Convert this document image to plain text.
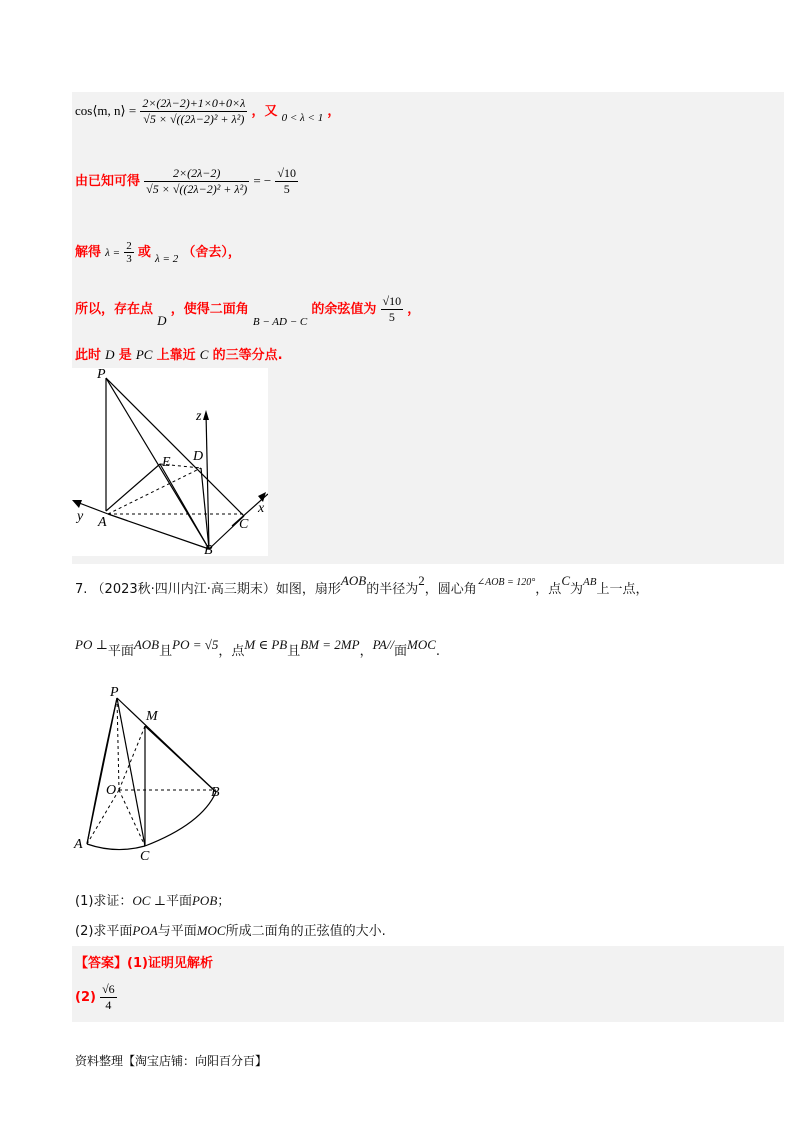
cos⟨m, n⟩ = $\frac{2\times(2\lambda-2)+1\times 0+0\times\lambda}{\text{√5 × √((2λ−2)² + λ²)}}$ ，又 $_{0 < \lambda < 1}$ ，
由已知可得 $\frac{2\times(2\lambda-2)}{\text{√5 × √((2λ−2)² + λ²)}}$ = − $\frac{√10}{5}$
解得 $\lambda = \frac{2}{3}$ 或 $_{\lambda = 2}$ （舍去），
所以，存在点 D ，使得二面角 $_{B - AD - C}$ 的余弦值为 $\frac{√10}{5}$ ，
此时 D 是 PC 上靠近 C 的三等分点.
P
z
E D
y A	C
x
B
7. （2023秋·四川内江·高三期末）如图，扇形AOB的半径为2，圆心角$^{\angle AOB = 120^\circ}$，点C为$^{AB}$上一点，
PO ⊥平面AOB且PO = √5，点M ∈ PB且BM = 2MP，PA//面MOC.
P
M
O	B
A
C
(1)求证：OC ⊥平面POB；
(2)求平面POA与平面MOC所成二面角的正弦值的大小.
【答案】(1)证明见解析
$(2) \frac{√6}{4}$
资料整理【淘宝店铺：向阳百分百】
